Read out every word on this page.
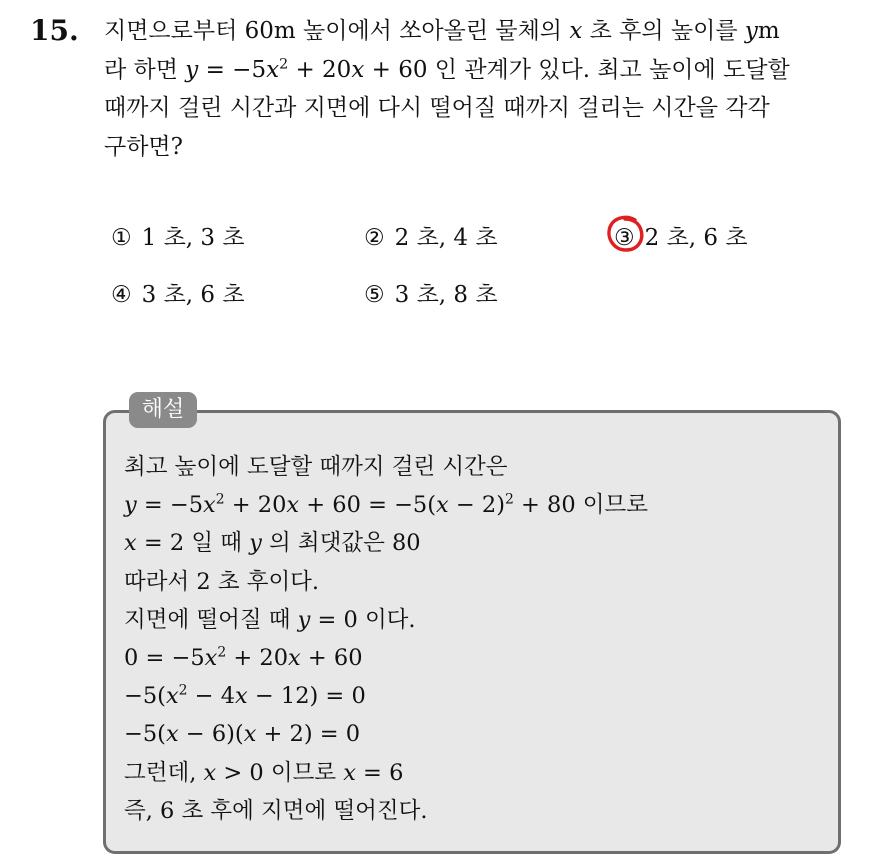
15. 지면으로부터 60m 높이에서 쏘아올린 물체의 x 초 후의 높이를 ym
라 하면 $y = -5x^2 + 20x + 60$ 인 관계가 있다. 최고 높이에 도달할
때까지 걸린 시간과 지면에 다시 떨어질 때까지 걸리는 시간을 각각
구하면?
① 1 초, 3 초	② 2 초, 4 초	③ 2 초, 6 초
④ 3 초, 6 초	⑤ 3 초, 8 초
해설
최고 높이에 도달할 때까지 걸린 시간은
$y = -5x^2 + 20x + 60 = -5(x - 2)^2 + 80$ 이므로
x = 2 일 때 y 의 최댓값은 80
따라서 2 초 후이다.
지면에 떨어질 때 y = 0 이다.
$0 = -5x^2 + 20x + 60$
$-5(x^2 - 4x - 12) = 0$
−5(x − 6)(x + 2) = 0
그런데, x > 0 이므로 x = 6
즉, 6 초 후에 지면에 떨어진다.
